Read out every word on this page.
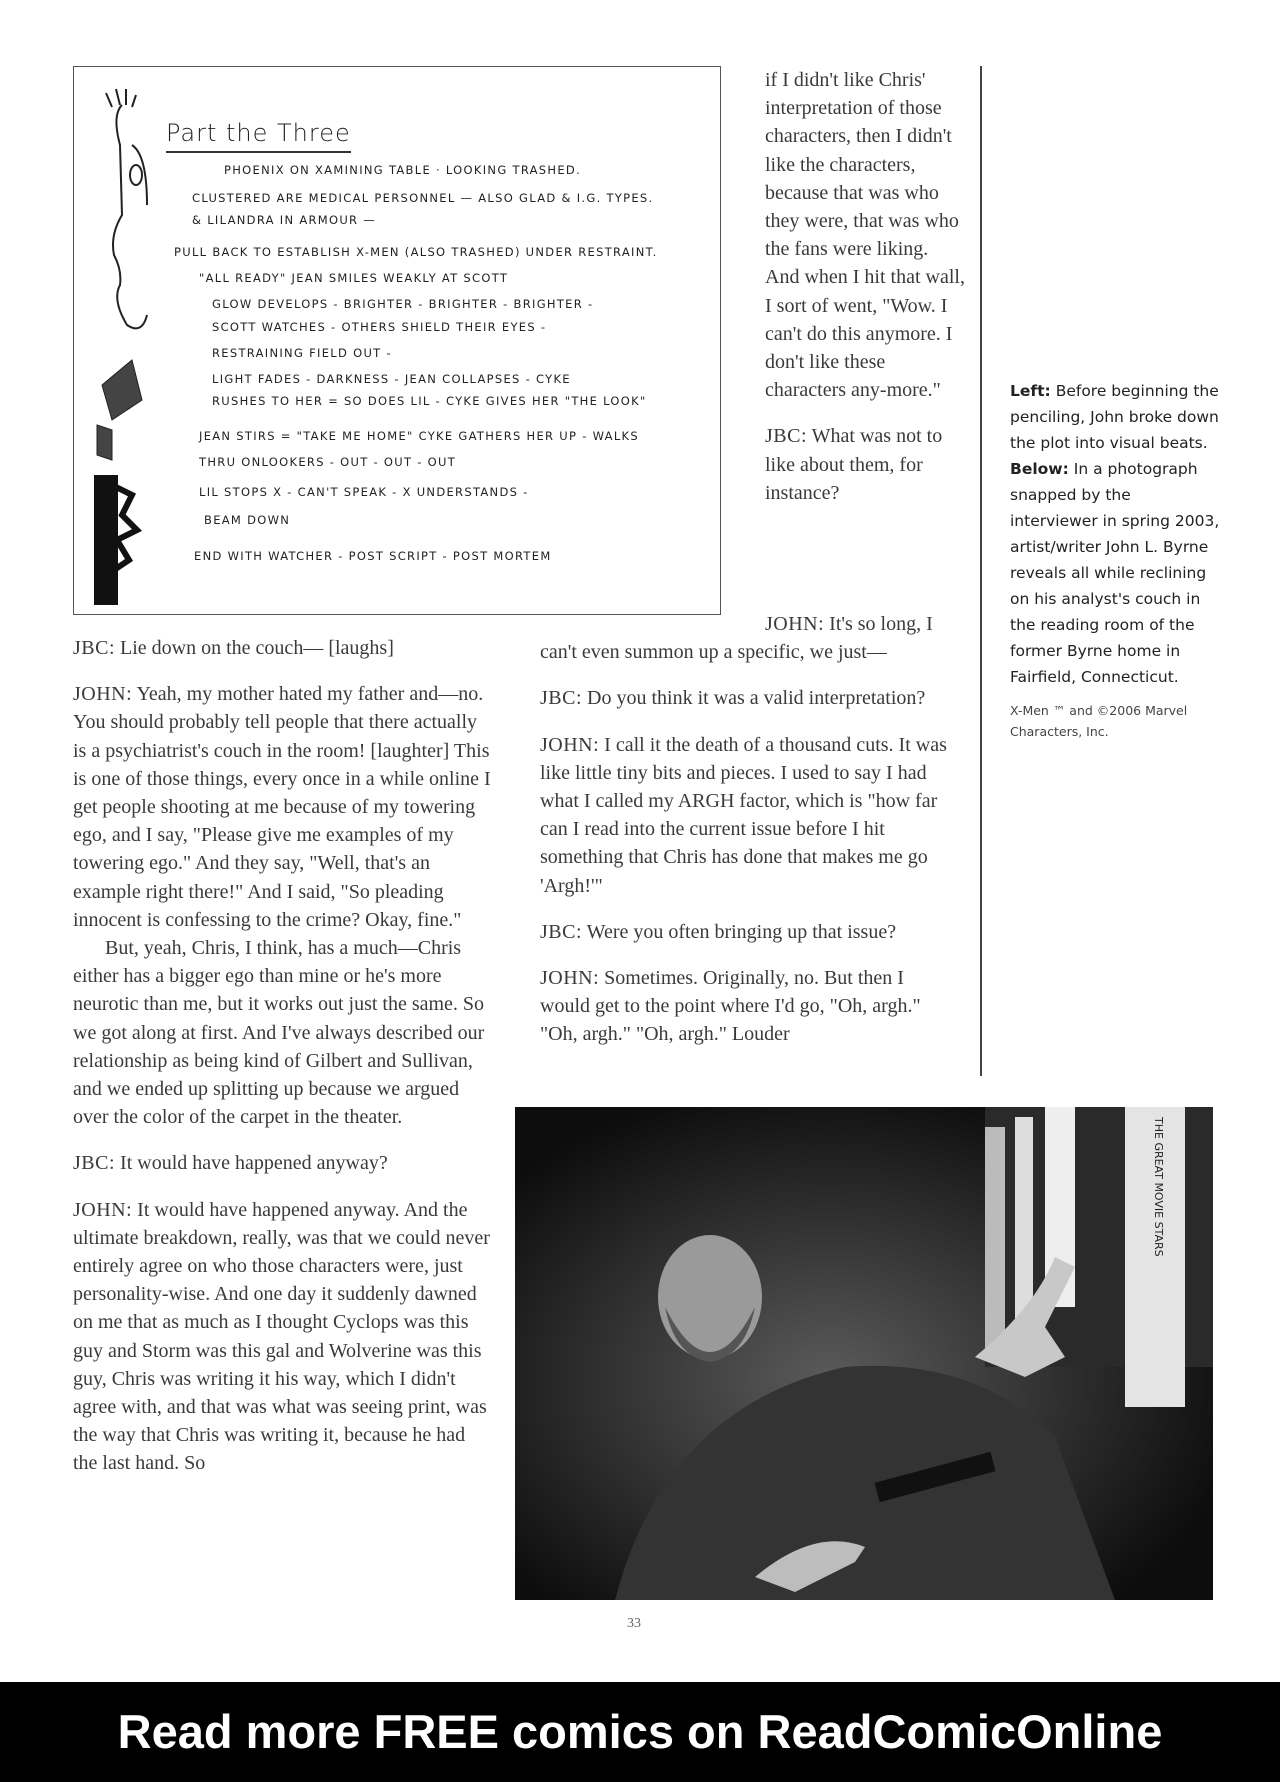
Part the Three
PHOENIX ON XAMINING TABLE · LOOKING TRASHED.
CLUSTERED ARE MEDICAL PERSONNEL — ALSO GLAD & I.G. TYPES.
& LILANDRA IN ARMOUR —
PULL BACK TO ESTABLISH X-MEN (ALSO TRASHED) UNDER RESTRAINT.
"ALL READY" JEAN SMILES WEAKLY AT SCOTT
GLOW DEVELOPS - BRIGHTER - BRIGHTER - BRIGHTER -
SCOTT WATCHES - OTHERS SHIELD THEIR EYES -
RESTRAINING FIELD OUT -
LIGHT FADES - DARKNESS - JEAN COLLAPSES - CYKE
RUSHES TO HER = SO DOES LIL - CYKE GIVES HER "THE LOOK"
JEAN STIRS = "TAKE ME HOME" CYKE GATHERS HER UP - WALKS
THRU ONLOOKERS - OUT - OUT - OUT
LIL STOPS X - CAN'T SPEAK - X UNDERSTANDS -
BEAM DOWN
END WITH WATCHER - POST SCRIPT - POST MORTEM

if I didn't like Chris' interpretation of those characters, then I didn't like the characters, because that was who they were, that was who the fans were liking. And when I hit that wall, I sort of went, "Wow. I can't do this anymore. I don't like these characters any-more."

JBC: What was not to like about them, for instance?

Left: Before beginning the penciling, John broke down the plot into visual beats.
Below: In a photograph snapped by the interviewer in spring 2003, artist/writer John L. Byrne reveals all while reclining on his analyst's couch in the reading room of the former Byrne home in Fairfield, Connecticut.
X-Men ™ and ©2006 Marvel Characters, Inc.

JBC: Lie down on the couch— [laughs]

JOHN: Yeah, my mother hated my father and—no. You should probably tell people that there actually is a psychiatrist's couch in the room! [laughter] This is one of those things, every once in a while online I get people shooting at me because of my towering ego, and I say, "Please give me examples of my towering ego." And they say, "Well, that's an example right there!" And I said, "So pleading innocent is confessing to the crime? Okay, fine."

But, yeah, Chris, I think, has a much—Chris either has a bigger ego than mine or he's more neurotic than me, but it works out just the same. So we got along at first. And I've always described our relationship as being kind of Gilbert and Sullivan, and we ended up splitting up because we argued over the color of the carpet in the theater.

JBC: It would have happened anyway?

JOHN: It would have happened anyway. And the ultimate breakdown, really, was that we could never entirely agree on who those characters were, just personality-wise. And one day it suddenly dawned on me that as much as I thought Cyclops was this guy and Storm was this gal and Wolverine was this guy, Chris was writing it his way, which I didn't agree with, and that was what was seeing print, was the way that Chris was writing it, because he had the last hand. So

JOHN: It's so long, I can't even summon up a specific, we just—

JBC: Do you think it was a valid interpretation?

JOHN: I call it the death of a thousand cuts. It was like little tiny bits and pieces. I used to say I had what I called my ARGH factor, which is "how far can I read into the current issue before I hit something that Chris has done that makes me go 'Argh!'"

JBC: Were you often bringing up that issue?

JOHN: Sometimes. Originally, no. But then I would get to the point where I'd go, "Oh, argh." "Oh, argh." "Oh, argh." Louder

THE GREAT MOVIE STARS
33
Read more FREE comics on ReadComicOnline
